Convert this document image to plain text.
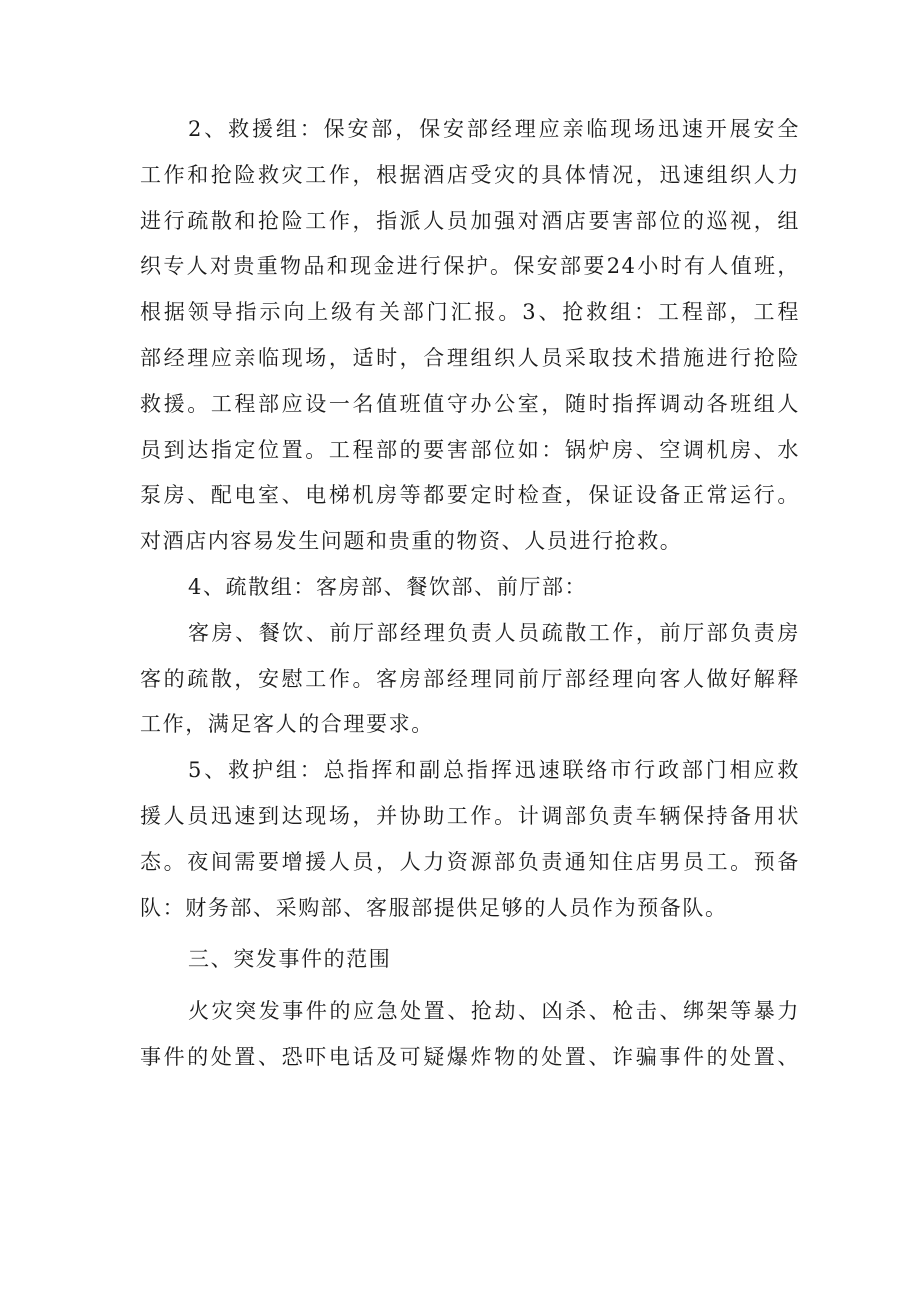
2、救援组：保安部，保安部经理应亲临现场迅速开展安全
工作和抢险救灾工作，根据酒店受灾的具体情况，迅速组织人力
进行疏散和抢险工作，指派人员加强对酒店要害部位的巡视，组
织专人对贵重物品和现金进行保护。保安部要24小时有人值班，
根据领导指示向上级有关部门汇报。3、抢救组：工程部，工程
部经理应亲临现场，适时，合理组织人员采取技术措施进行抢险
救援。工程部应设一名值班值守办公室，随时指挥调动各班组人
员到达指定位置。工程部的要害部位如：锅炉房、空调机房、水
泵房、配电室、电梯机房等都要定时检查，保证设备正常运行。
对酒店内容易发生问题和贵重的物资、人员进行抢救。

4、疏散组：客房部、餐饮部、前厅部：

客房、餐饮、前厅部经理负责人员疏散工作，前厅部负责房
客的疏散，安慰工作。客房部经理同前厅部经理向客人做好解释
工作，满足客人的合理要求。

5、救护组：总指挥和副总指挥迅速联络市行政部门相应救
援人员迅速到达现场，并协助工作。计调部负责车辆保持备用状
态。夜间需要增援人员，人力资源部负责通知住店男员工。预备
队：财务部、采购部、客服部提供足够的人员作为预备队。

三、突发事件的范围

火灾突发事件的应急处置、抢劫、凶杀、枪击、绑架等暴力
事件的处置、恐吓电话及可疑爆炸物的处置、诈骗事件的处置、
